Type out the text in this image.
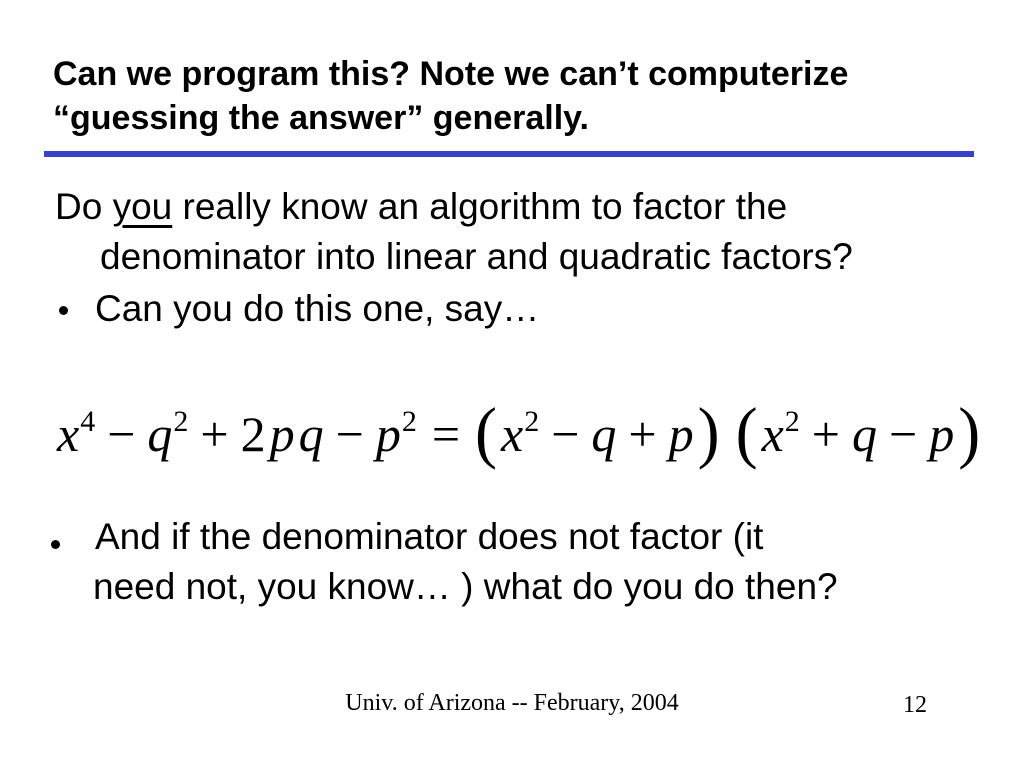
Can we program this? Note we can’t computerize
“guessing the answer” generally.
Do you really know an algorithm to factor the
denominator into linear and quadratic factors?
Can you do this one, say…
$x^4 - q^2 + 2pq - p^2 = (x^2 - q + p) (x^2 + q - p)$
And if the denominator does not factor (it
need not, you know… ) what do you do then?
Univ. of Arizona -- February, 2004	12
